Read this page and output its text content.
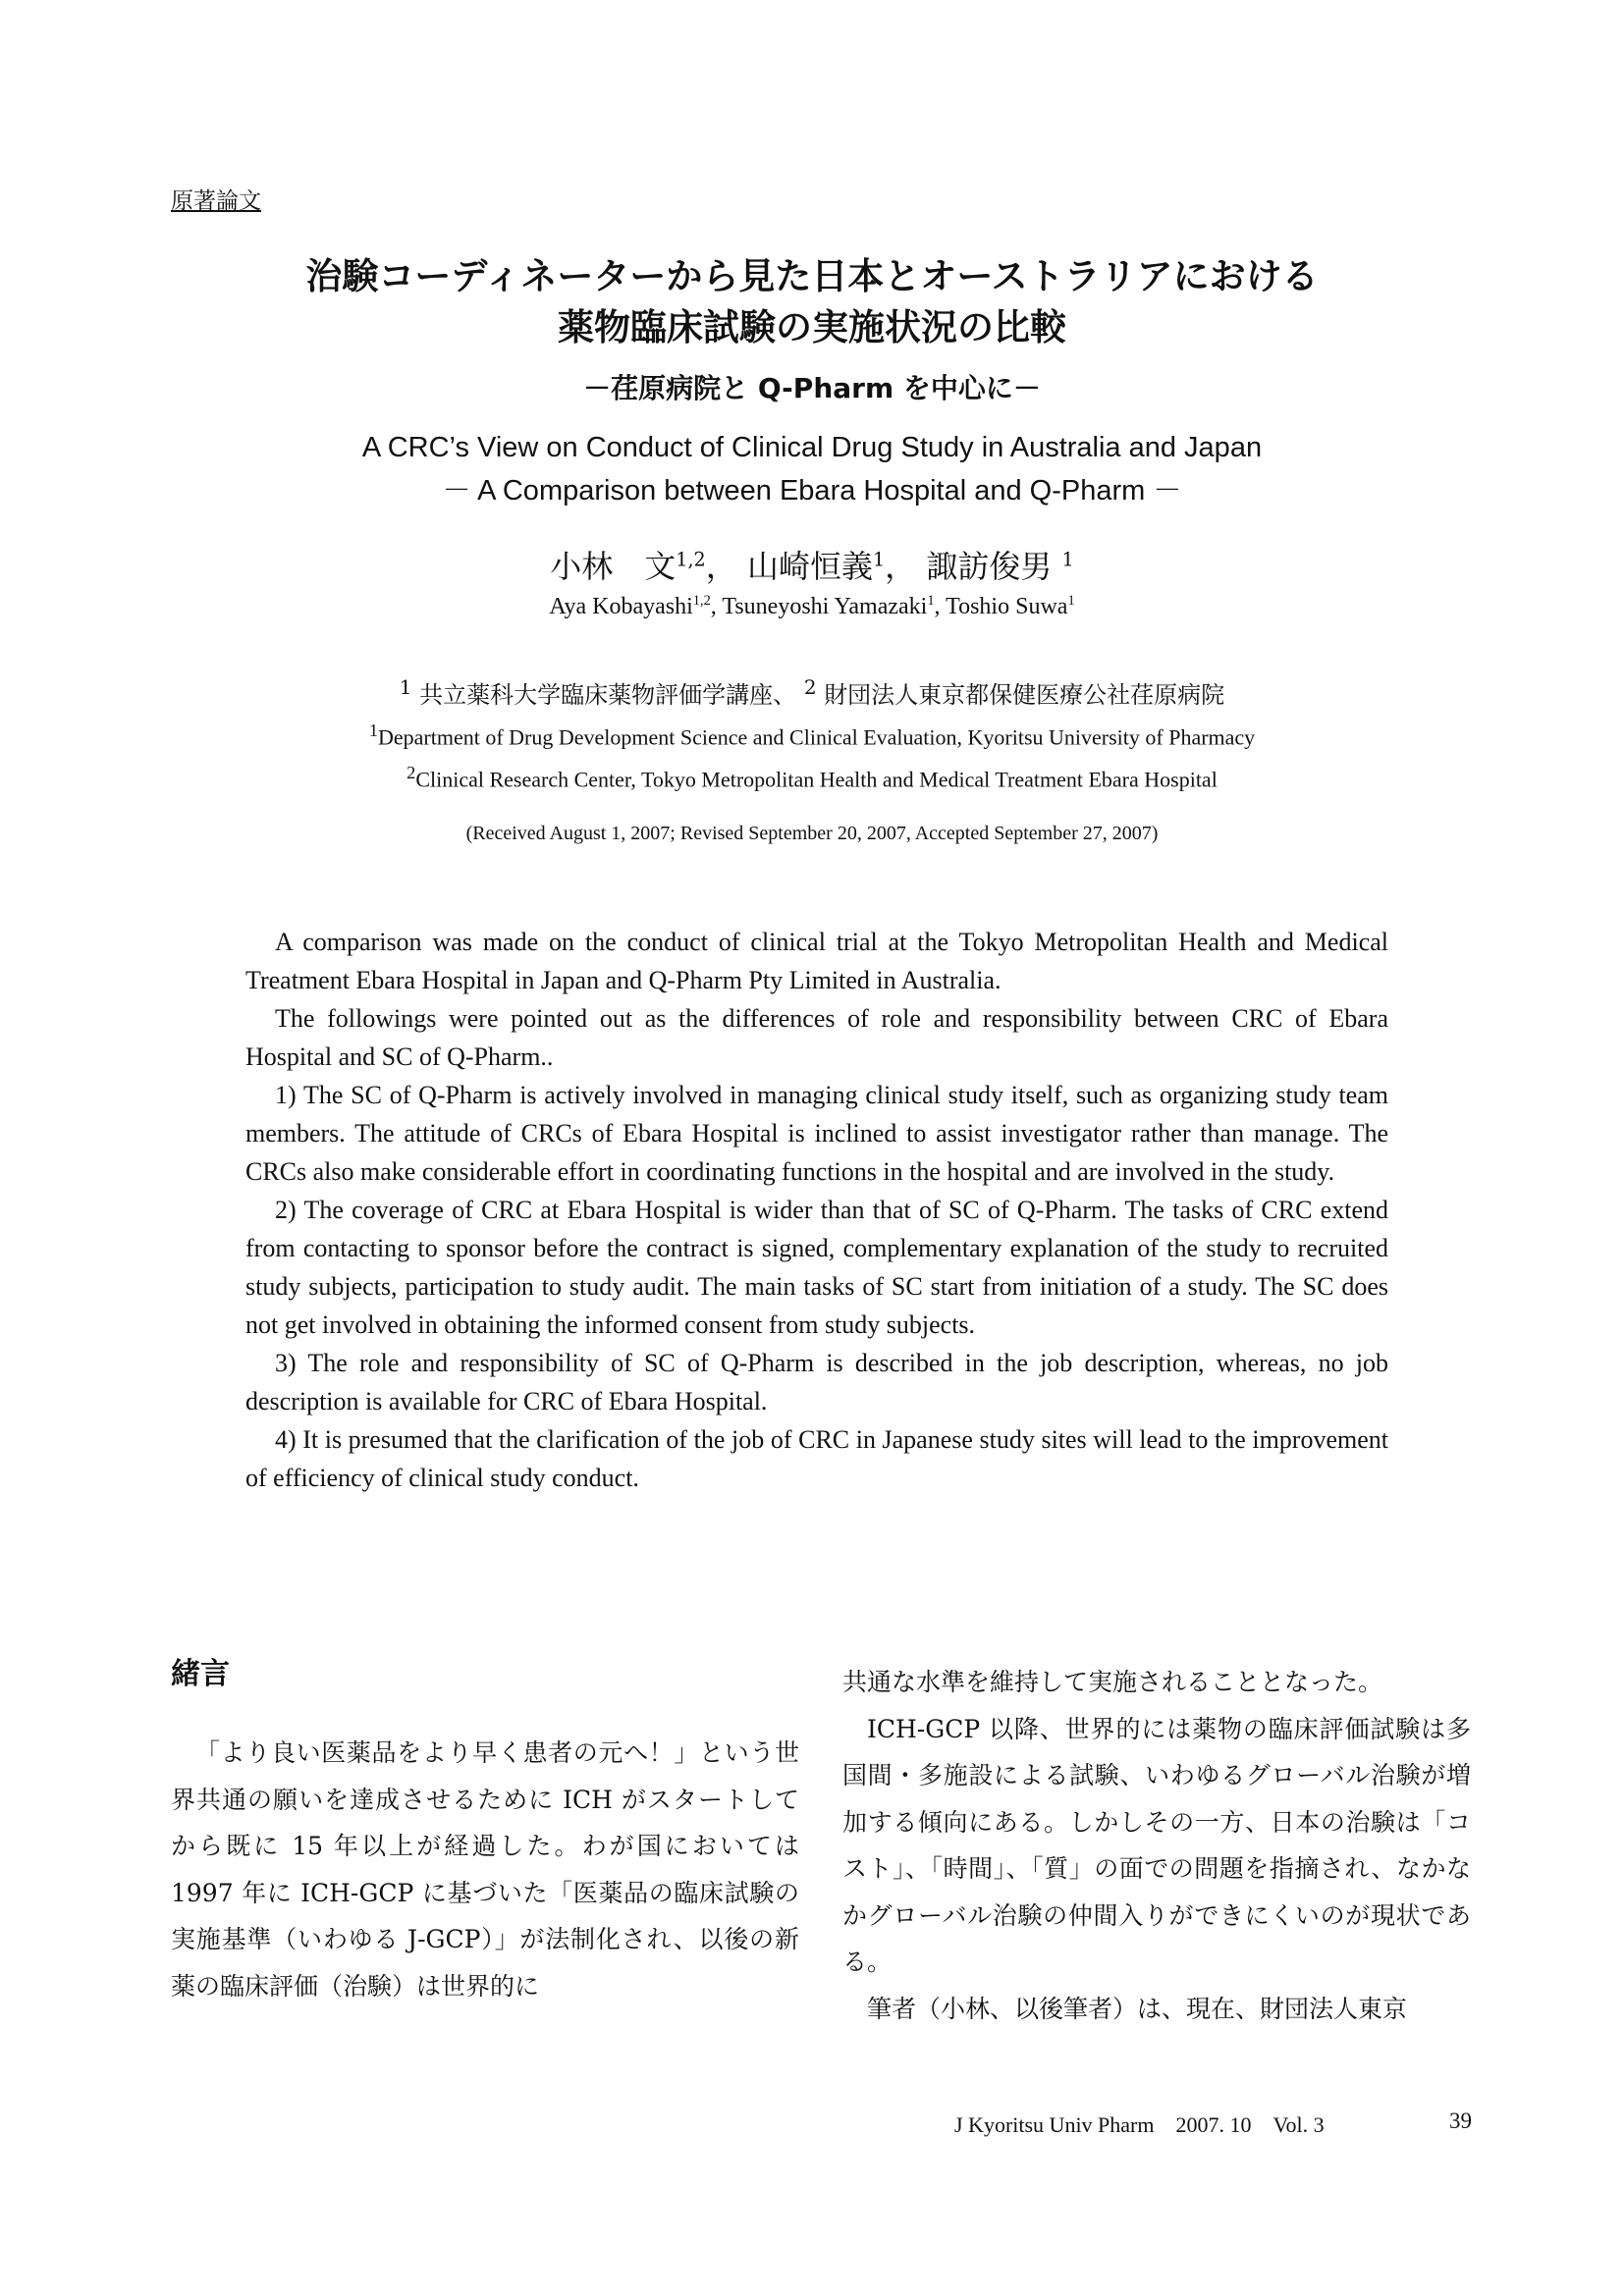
原著論文
治験コーディネーターから見た日本とオーストラリアにおける
薬物臨床試験の実施状況の比較
－荏原病院と Q-Pharm を中心に－
A CRC’s View on Conduct of Clinical Drug Study in Australia and Japan
－ A Comparison between Ebara Hospital and Q-Pharm －
小林　文$^{1,2}$， 山崎恒義$^1$， 諏訪俊男 $^1$
Aya Kobayashi$^{1,2}$, Tsuneyoshi Yamazaki$^1$, Toshio Suwa$^1$
$^1$ 共立薬科大学臨床薬物評価学講座、 $^2$ 財団法人東京都保健医療公社荏原病院
$^1$Department of Drug Development Science and Clinical Evaluation, Kyoritsu University of Pharmacy
$^2$Clinical Research Center, Tokyo Metropolitan Health and Medical Treatment Ebara Hospital
(Received August 1, 2007; Revised September 20, 2007, Accepted September 27, 2007)

A comparison was made on the conduct of clinical trial at the Tokyo Metropolitan Health and Medical Treatment Ebara Hospital in Japan and Q-Pharm Pty Limited in Australia.

The followings were pointed out as the differences of role and responsibility between CRC of Ebara Hospital and SC of Q-Pharm..

1) The SC of Q-Pharm is actively involved in managing clinical study itself, such as organizing study team members. The attitude of CRCs of Ebara Hospital is inclined to assist investigator rather than manage. The CRCs also make considerable effort in coordinating functions in the hospital and are involved in the study.

2) The coverage of CRC at Ebara Hospital is wider than that of SC of Q-Pharm. The tasks of CRC extend from contacting to sponsor before the contract is signed, complementary explanation of the study to recruited study subjects, participation to study audit. The main tasks of SC start from initiation of a study. The SC does not get involved in obtaining the informed consent from study subjects.

3) The role and responsibility of SC of Q-Pharm is described in the job description, whereas, no job description is available for CRC of Ebara Hospital.

4) It is presumed that the clarification of the job of CRC in Japanese study sites will lead to the improvement of efficiency of clinical study conduct.

緒言

「より良い医薬品をより早く患者の元へ！」という世界共通の願いを達成させるために ICH がスタートしてから既に 15 年以上が経過した。わが国においては 1997 年に ICH-GCP に基づいた「医薬品の臨床試験の実施基準（いわゆる J-GCP）」が法制化され、以後の新薬の臨床評価（治験）は世界的に

共通な水準を維持して実施されることとなった。

ICH-GCP 以降、世界的には薬物の臨床評価試験は多国間・多施設による試験、いわゆるグローバル治験が増加する傾向にある。しかしその一方、日本の治験は「コスト」、「時間」、「質」の面での問題を指摘され、なかなかグローバル治験の仲間入りができにくいのが現状である。

筆者（小林、以後筆者）は、現在、財団法人東京

J Kyoritsu Univ Pharm　2007. 10　Vol. 3	39
